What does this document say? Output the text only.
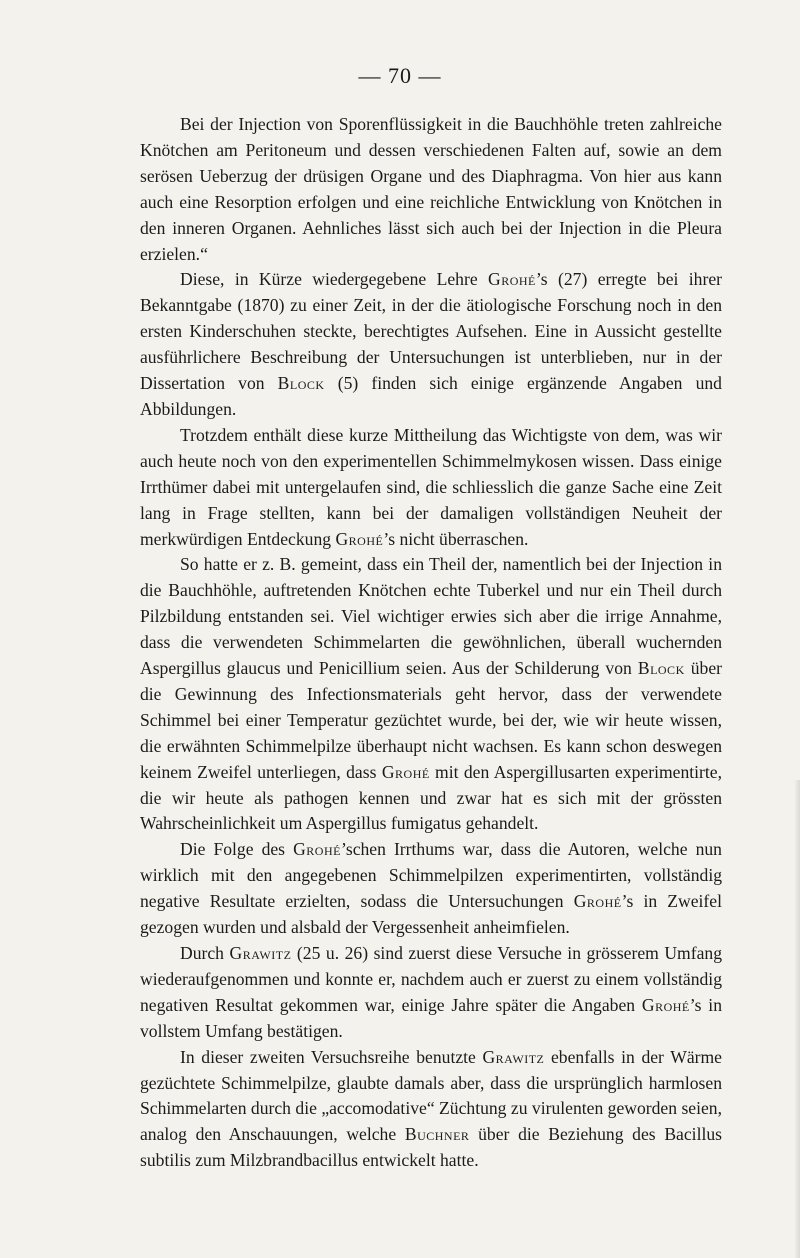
— 70 —

Bei der Injection von Sporenflüssigkeit in die Bauchhöhle treten zahlreiche Knötchen am Peritoneum und dessen verschiedenen Falten auf, sowie an dem serösen Ueberzug der drüsigen Organe und des Diaphragma. Von hier aus kann auch eine Resorption erfolgen und eine reichliche Entwicklung von Knötchen in den inneren Organen. Aehnliches lässt sich auch bei der Injection in die Pleura erzielen.“

Diese, in Kürze wiedergegebene Lehre Grohé’s (27) erregte bei ihrer Bekanntgabe (1870) zu einer Zeit, in der die ätiologische Forschung noch in den ersten Kinderschuhen steckte, berechtigtes Aufsehen. Eine in Aussicht gestellte ausführlichere Beschreibung der Untersuchungen ist unterblieben, nur in der Dissertation von Block (5) finden sich einige ergänzende Angaben und Abbildungen.

Trotzdem enthält diese kurze Mittheilung das Wichtigste von dem, was wir auch heute noch von den experimentellen Schimmelmykosen wissen. Dass einige Irrthümer dabei mit untergelaufen sind, die schliesslich die ganze Sache eine Zeit lang in Frage stellten, kann bei der damaligen vollständigen Neuheit der merkwürdigen Entdeckung Grohé’s nicht überraschen.

So hatte er z. B. gemeint, dass ein Theil der, namentlich bei der Injection in die Bauchhöhle, auftretenden Knötchen echte Tuberkel und nur ein Theil durch Pilzbildung entstanden sei. Viel wichtiger erwies sich aber die irrige Annahme, dass die verwendeten Schimmelarten die gewöhnlichen, überall wuchernden Aspergillus glaucus und Penicillium seien. Aus der Schilderung von Block über die Gewinnung des Infectionsmaterials geht hervor, dass der verwendete Schimmel bei einer Temperatur gezüchtet wurde, bei der, wie wir heute wissen, die erwähnten Schimmelpilze überhaupt nicht wachsen. Es kann schon deswegen keinem Zweifel unterliegen, dass Grohé mit den Aspergillusarten experimentirte, die wir heute als pathogen kennen und zwar hat es sich mit der grössten Wahrscheinlichkeit um Aspergillus fumigatus gehandelt.

Die Folge des Grohé’schen Irrthums war, dass die Autoren, welche nun wirklich mit den angegebenen Schimmelpilzen experimentirten, vollständig negative Resultate erzielten, sodass die Untersuchungen Grohé’s in Zweifel gezogen wurden und alsbald der Vergessenheit anheimfielen.

Durch Grawitz (25 u. 26) sind zuerst diese Versuche in grösserem Umfang wiederaufgenommen und konnte er, nachdem auch er zuerst zu einem vollständig negativen Resultat gekommen war, einige Jahre später die Angaben Grohé’s in vollstem Umfang bestätigen.

In dieser zweiten Versuchsreihe benutzte Grawitz ebenfalls in der Wärme gezüchtete Schimmelpilze, glaubte damals aber, dass die ursprünglich harmlosen Schimmelarten durch die „accomodative“ Züchtung zu virulenten geworden seien, analog den Anschauungen, welche Buchner über die Beziehung des Bacillus subtilis zum Milzbrandbacillus entwickelt hatte.
